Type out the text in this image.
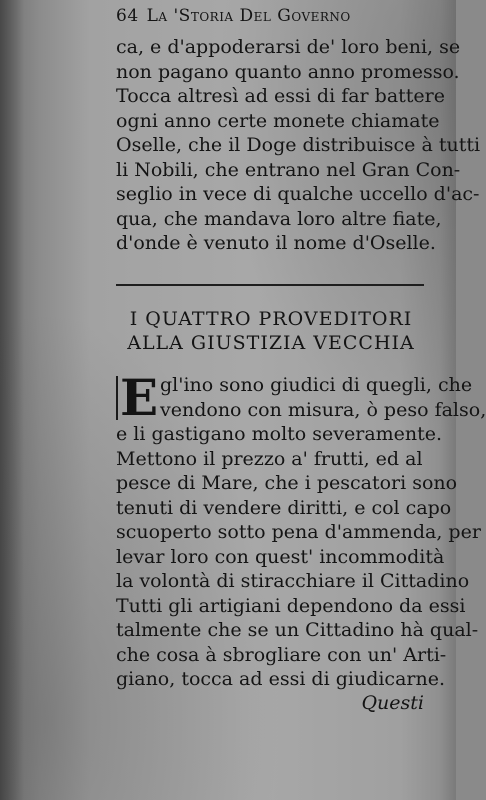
64 La 'Storia Del Governo
ca, e d'appoderarsi de' loro beni, se
non pagano quanto anno promesso.
Tocca altresì ad essi di far battere
ogni anno certe monete chiamate
Oselle, che il Doge distribuisce à tutti
li Nobili, che entrano nel Gran Con-
seglio in vece di qualche uccello d'ac-
qua, che mandava loro altre fiate,
d'onde è venuto il nome d'Oselle.
I QUATTRO PROVEDITORI
ALLA GIUSTIZIA VECCHIA
E gl'ino sono giudici di quegli, che
vendono con misura, ò peso falso,
e li gastigano molto severamente.
Mettono il prezzo a' frutti, ed al
pesce di Mare, che i pescatori sono
tenuti di vendere diritti, e col capo
scuoperto sotto pena d'ammenda, per
levar loro con quest' incommodità
la volontà di stiracchiare il Cittadino
Tutti gli artigiani dependono da essi
talmente che se un Cittadino hà qual-
che cosa à sbrogliare con un' Arti-
giano, tocca ad essi di giudicarne.
Questi
